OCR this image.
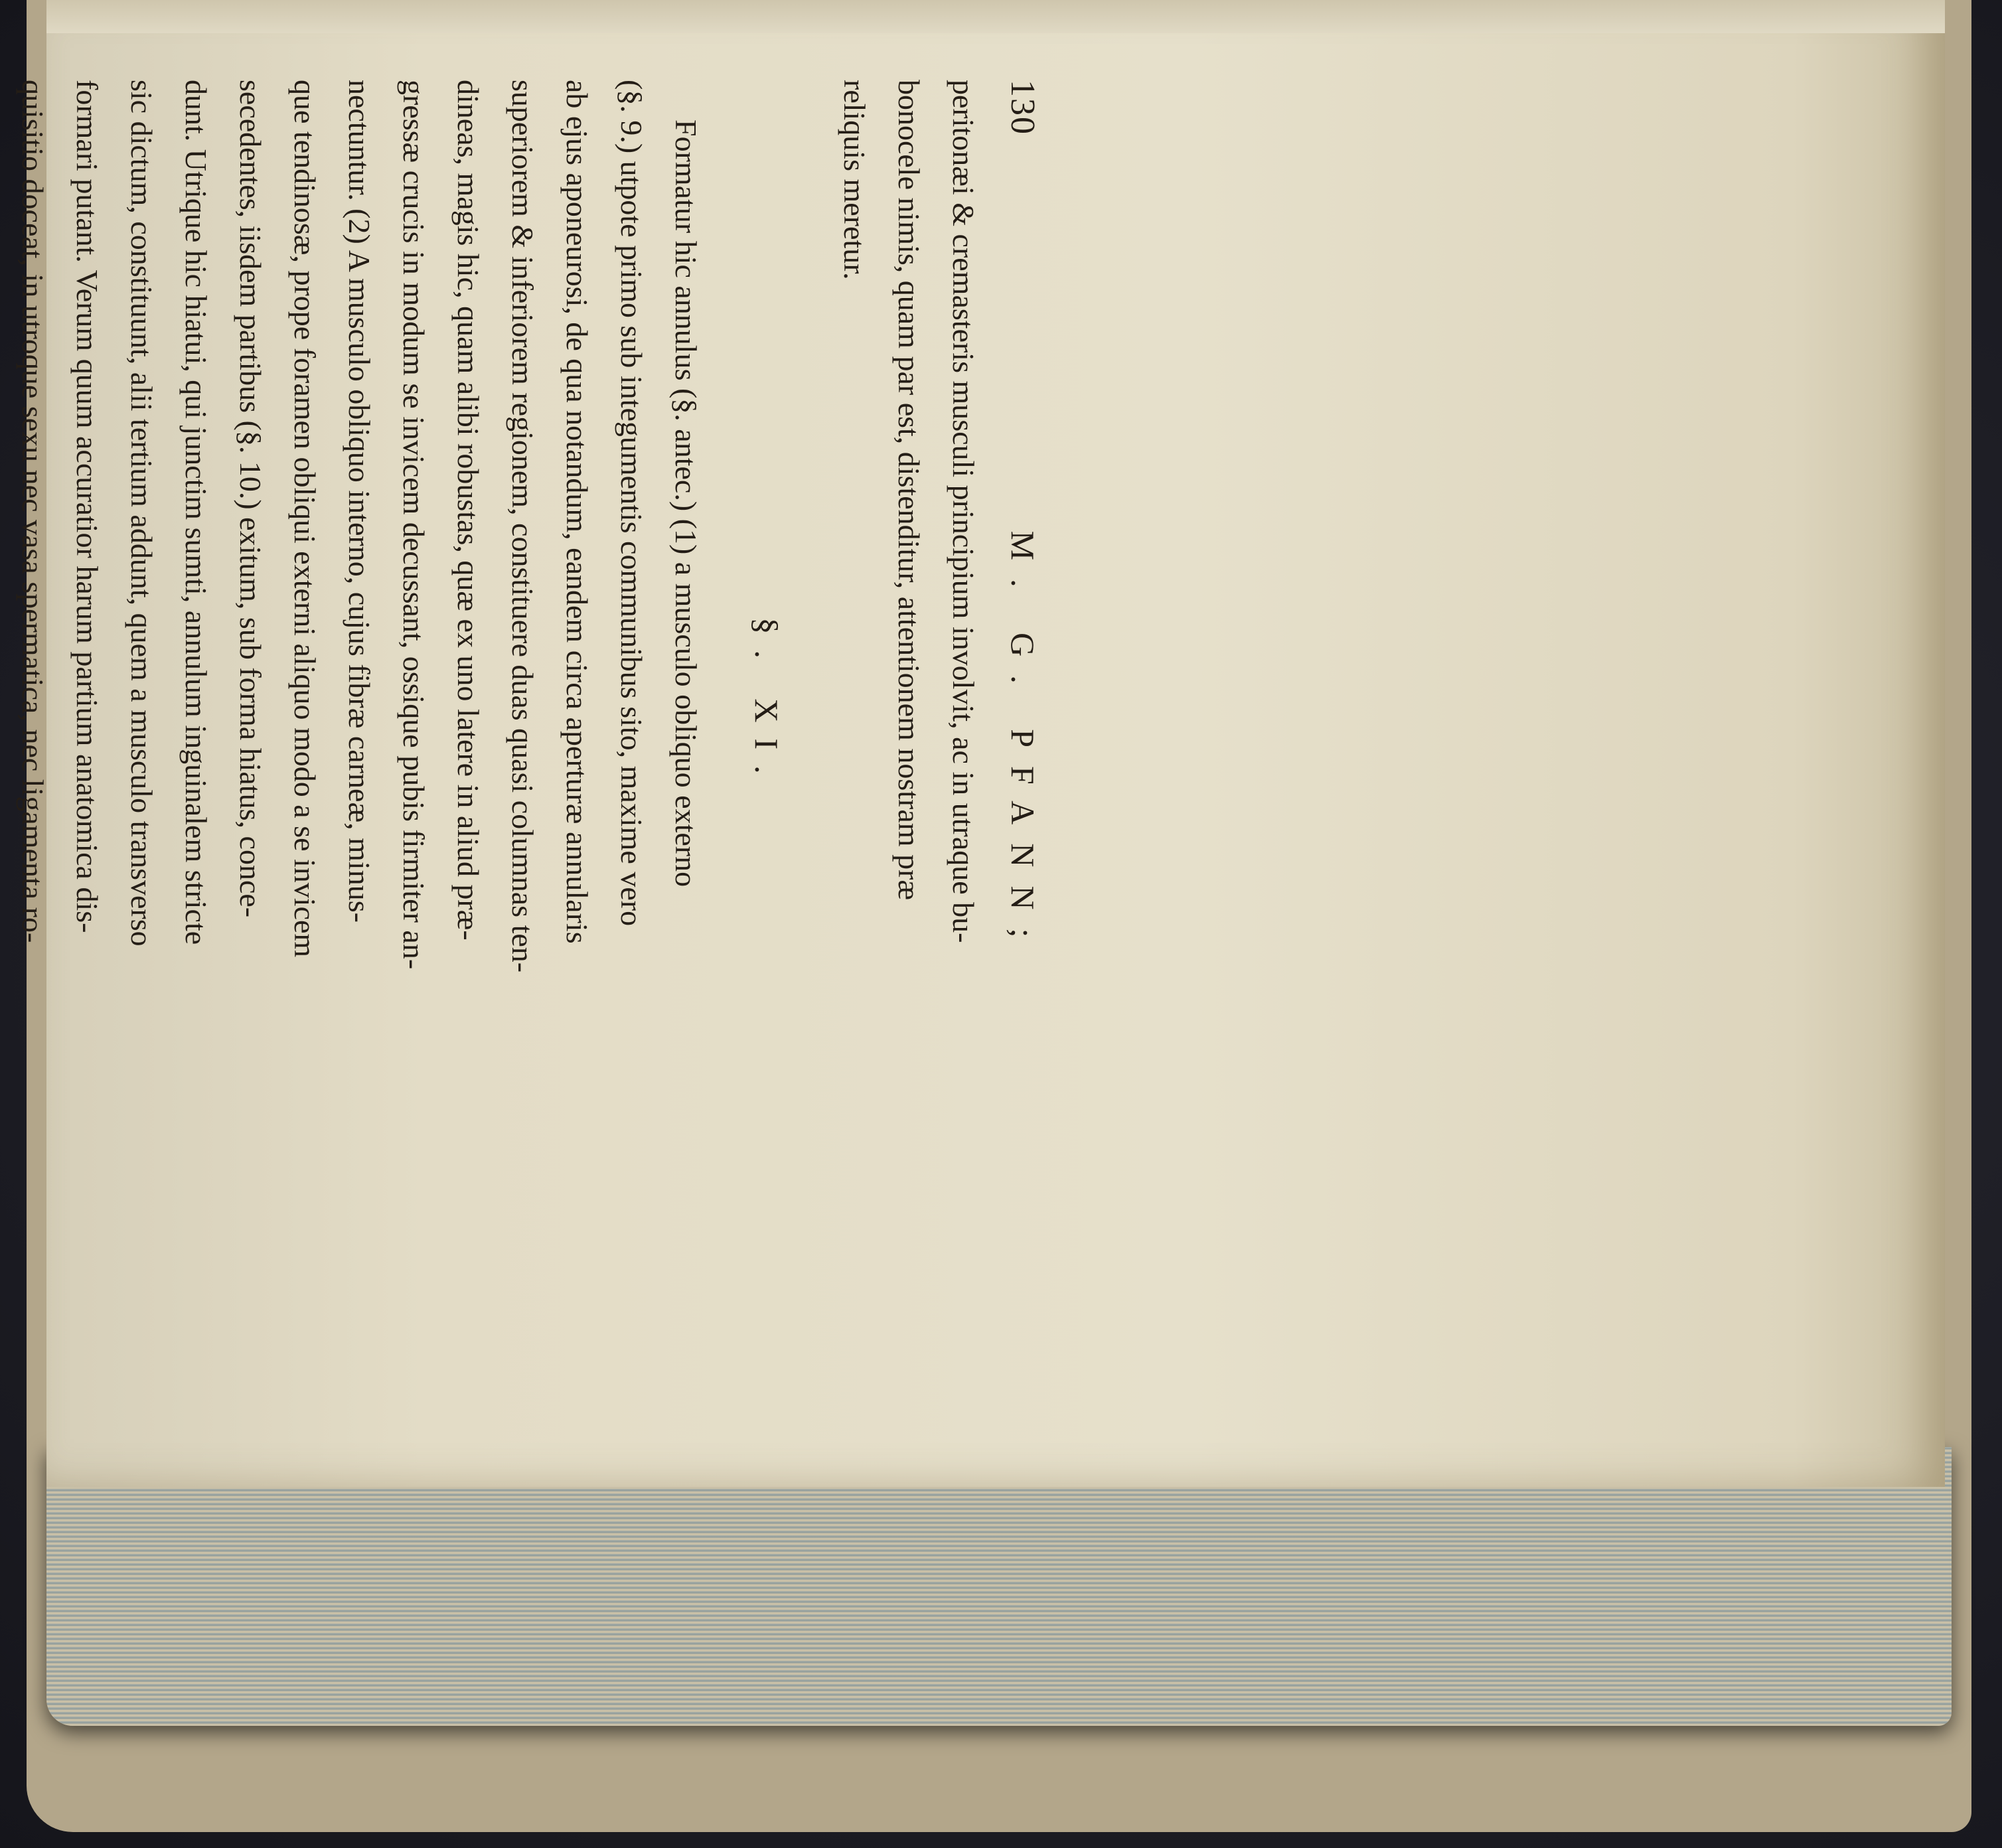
130
M. G. PFANN;
peritonæi & cremasteris musculi principium involvit, ac in utraque bu-
bonocele nimis, quam par est, distenditur, attentionem nostram præ
reliquis meretur.
§. XI.
Formatur hic annulus (§. antec.) (1) a musculo obliquo externo
(§. 9.) utpote primo sub integumentis communibus sito, maxime vero
ab ejus aponeurosi, de qua notandum, eandem circa aperturæ annularis
superiorem & inferiorem regionem, constituere duas quasi columnas ten-
dineas, magis hic, quam alibi robustas, quæ ex uno latere in aliud præ-
gressæ crucis in modum se invicem decussant, ossique pubis firmiter an-
nectuntur. (2) A musculo obliquo interno, cujus fibræ carneæ, minus-
que tendinosæ, prope foramen obliqui externi aliquo modo a se invicem
secedentes, iisdem partibus (§. 10.) exitum, sub forma hiatus, conce-
dunt. Utrique hic hiatui, qui junctim sumti, annulum inguinalem stricte
sic dictum, constituunt, alii tertium addunt, quem a musculo transverso
formari putant. Verum quum accuratior harum partium anatomica dis-
quisitio doceat, in utroque sexu nec vasa spermatica, nec ligamenta ro-
